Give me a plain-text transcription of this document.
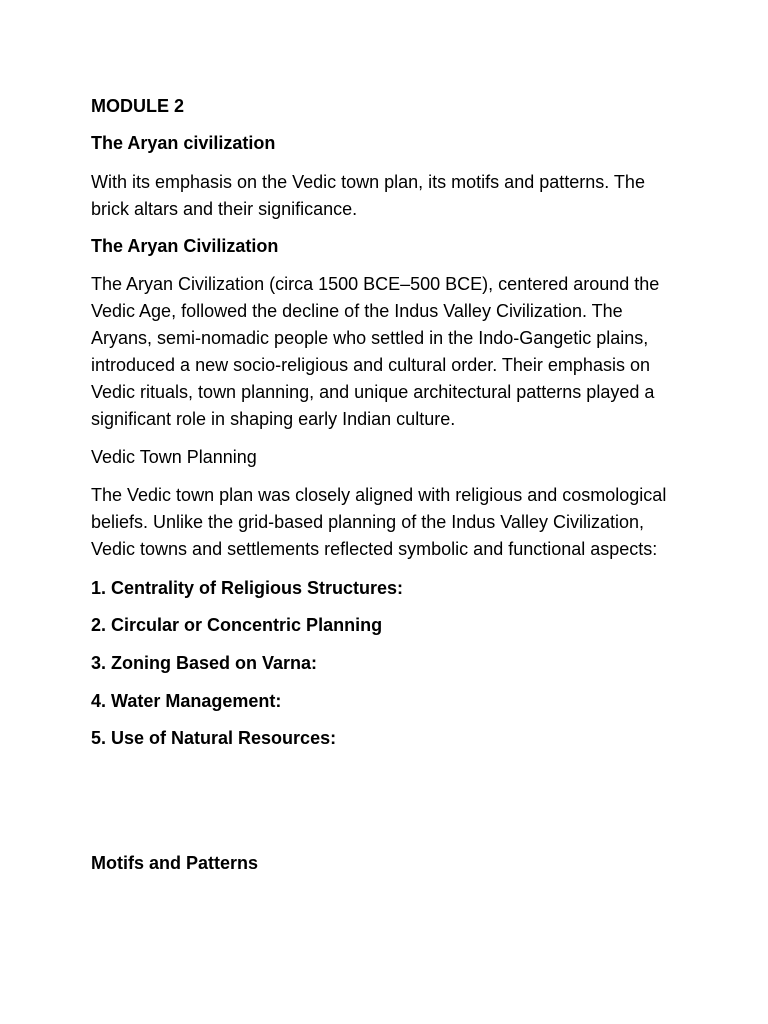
MODULE 2

The Aryan civilization

With its emphasis on the Vedic town plan, its motifs and patterns. The

brick altars and their significance.

The Aryan Civilization

The Aryan Civilization (circa 1500 BCE–500 BCE), centered around the

Vedic Age, followed the decline of the Indus Valley Civilization. The

Aryans, semi-nomadic people who settled in the Indo-Gangetic plains,

introduced a new socio-religious and cultural order. Their emphasis on

Vedic rituals, town planning, and unique architectural patterns played a

significant role in shaping early Indian culture.

Vedic Town Planning

The Vedic town plan was closely aligned with religious and cosmological

beliefs. Unlike the grid-based planning of the Indus Valley Civilization,

Vedic towns and settlements reflected symbolic and functional aspects:

1. Centrality of Religious Structures:

2. Circular or Concentric Planning

3. Zoning Based on Varna:

4. Water Management:

5. Use of Natural Resources:

Motifs and Patterns
